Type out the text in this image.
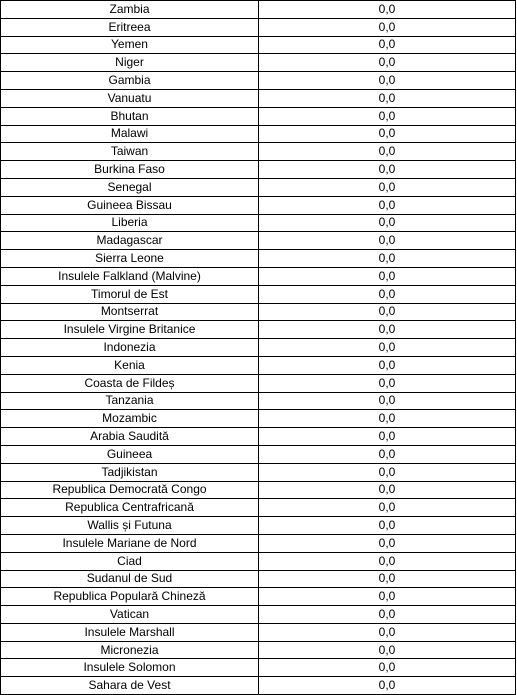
Zambia	0,0
Eritreea	0,0
Yemen	0,0
Niger	0,0
Gambia	0,0
Vanuatu	0,0
Bhutan	0,0
Malawi	0,0
Taiwan	0,0
Burkina Faso	0,0
Senegal	0,0
Guineea Bissau	0,0
Liberia	0,0
Madagascar	0,0
Sierra Leone	0,0
Insulele Falkland (Malvine)	0,0
Timorul de Est	0,0
Montserrat	0,0
Insulele Virgine Britanice	0,0
Indonezia	0,0
Kenia	0,0
Coasta de Fildeș	0,0
Tanzania	0,0
Mozambic	0,0
Arabia Saudită	0,0
Guineea	0,0
Tadjikistan	0,0
Republica Democrată Congo	0,0
Republica Centrafricană	0,0
Wallis și Futuna	0,0
Insulele Mariane de Nord	0,0
Ciad	0,0
Sudanul de Sud	0,0
Republica Populară Chineză	0,0
Vatican	0,0
Insulele Marshall	0,0
Micronezia	0,0
Insulele Solomon	0,0
Sahara de Vest	0,0
